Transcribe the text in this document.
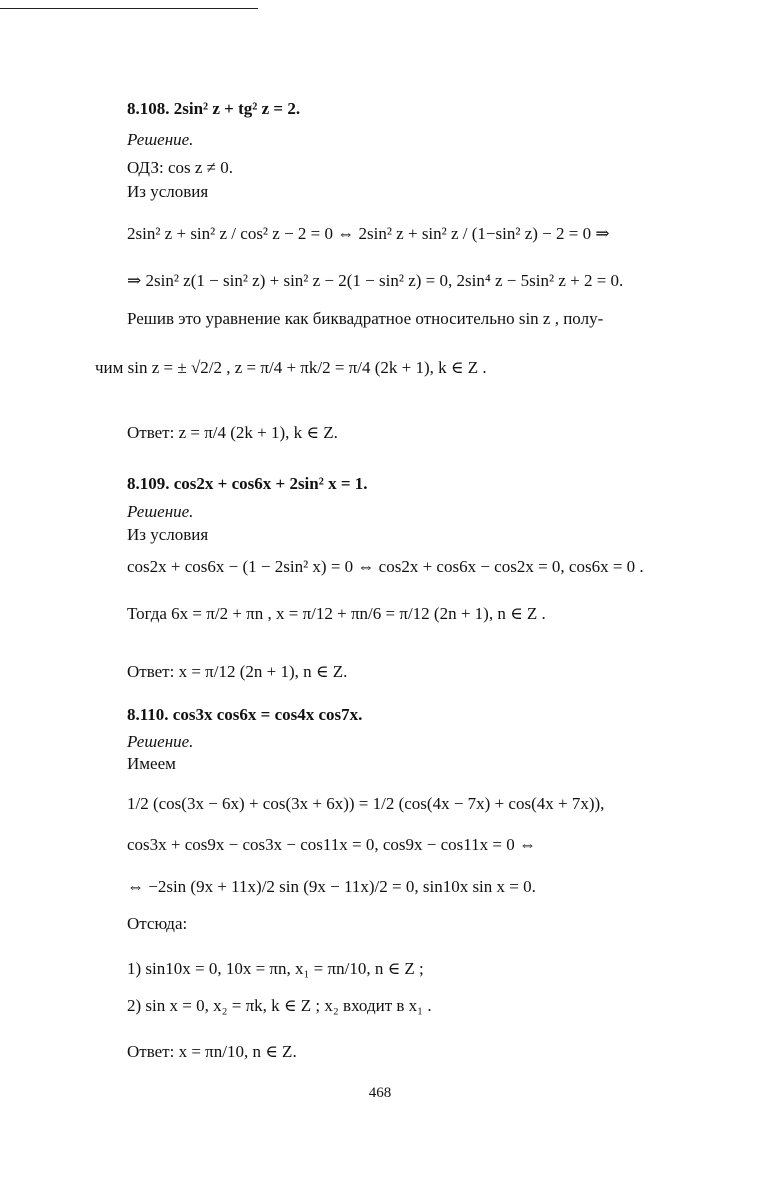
8.108. 2sin² z + tg² z = 2.
Решение.
ОДЗ: cos z ≠ 0.
Из условия
2sin² z + sin² z / cos² z − 2 = 0 ⇔ 2sin² z + sin² z / (1−sin² z) − 2 = 0 ⇒
⇒ 2sin² z(1 − sin² z) + sin² z − 2(1 − sin² z) = 0, 2sin⁴ z − 5sin² z + 2 = 0.
Решив это уравнение как биквадратное относительно sin z , полу-
чим sin z = ± √2/2 , z = π/4 + πk/2 = π/4 (2k + 1), k ∈ Z .
Ответ: z = π/4 (2k + 1), k ∈ Z.
8.109. cos2x + cos6x + 2sin² x = 1.
Решение.
Из условия
cos2x + cos6x − (1 − 2sin² x) = 0 ⇔ cos2x + cos6x − cos2x = 0, cos6x = 0 .
Тогда 6x = π/2 + πn , x = π/12 + πn/6 = π/12 (2n + 1), n ∈ Z .
Ответ: x = π/12 (2n + 1), n ∈ Z.
8.110. cos3x cos6x = cos4x cos7x.
Решение.
Имеем
1/2 (cos(3x − 6x) + cos(3x + 6x)) = 1/2 (cos(4x − 7x) + cos(4x + 7x)),
cos3x + cos9x − cos3x − cos11x = 0, cos9x − cos11x = 0 ⇔
⇔ −2sin (9x + 11x)/2 sin (9x − 11x)/2 = 0, sin10x sin x = 0.
Отсюда:
1) sin10x = 0, 10x = πn, x₁ = πn/10, n ∈ Z ;
2) sin x = 0, x₂ = πk, k ∈ Z ; x₂ входит в x₁ .
Ответ: x = πn/10, n ∈ Z.
468
